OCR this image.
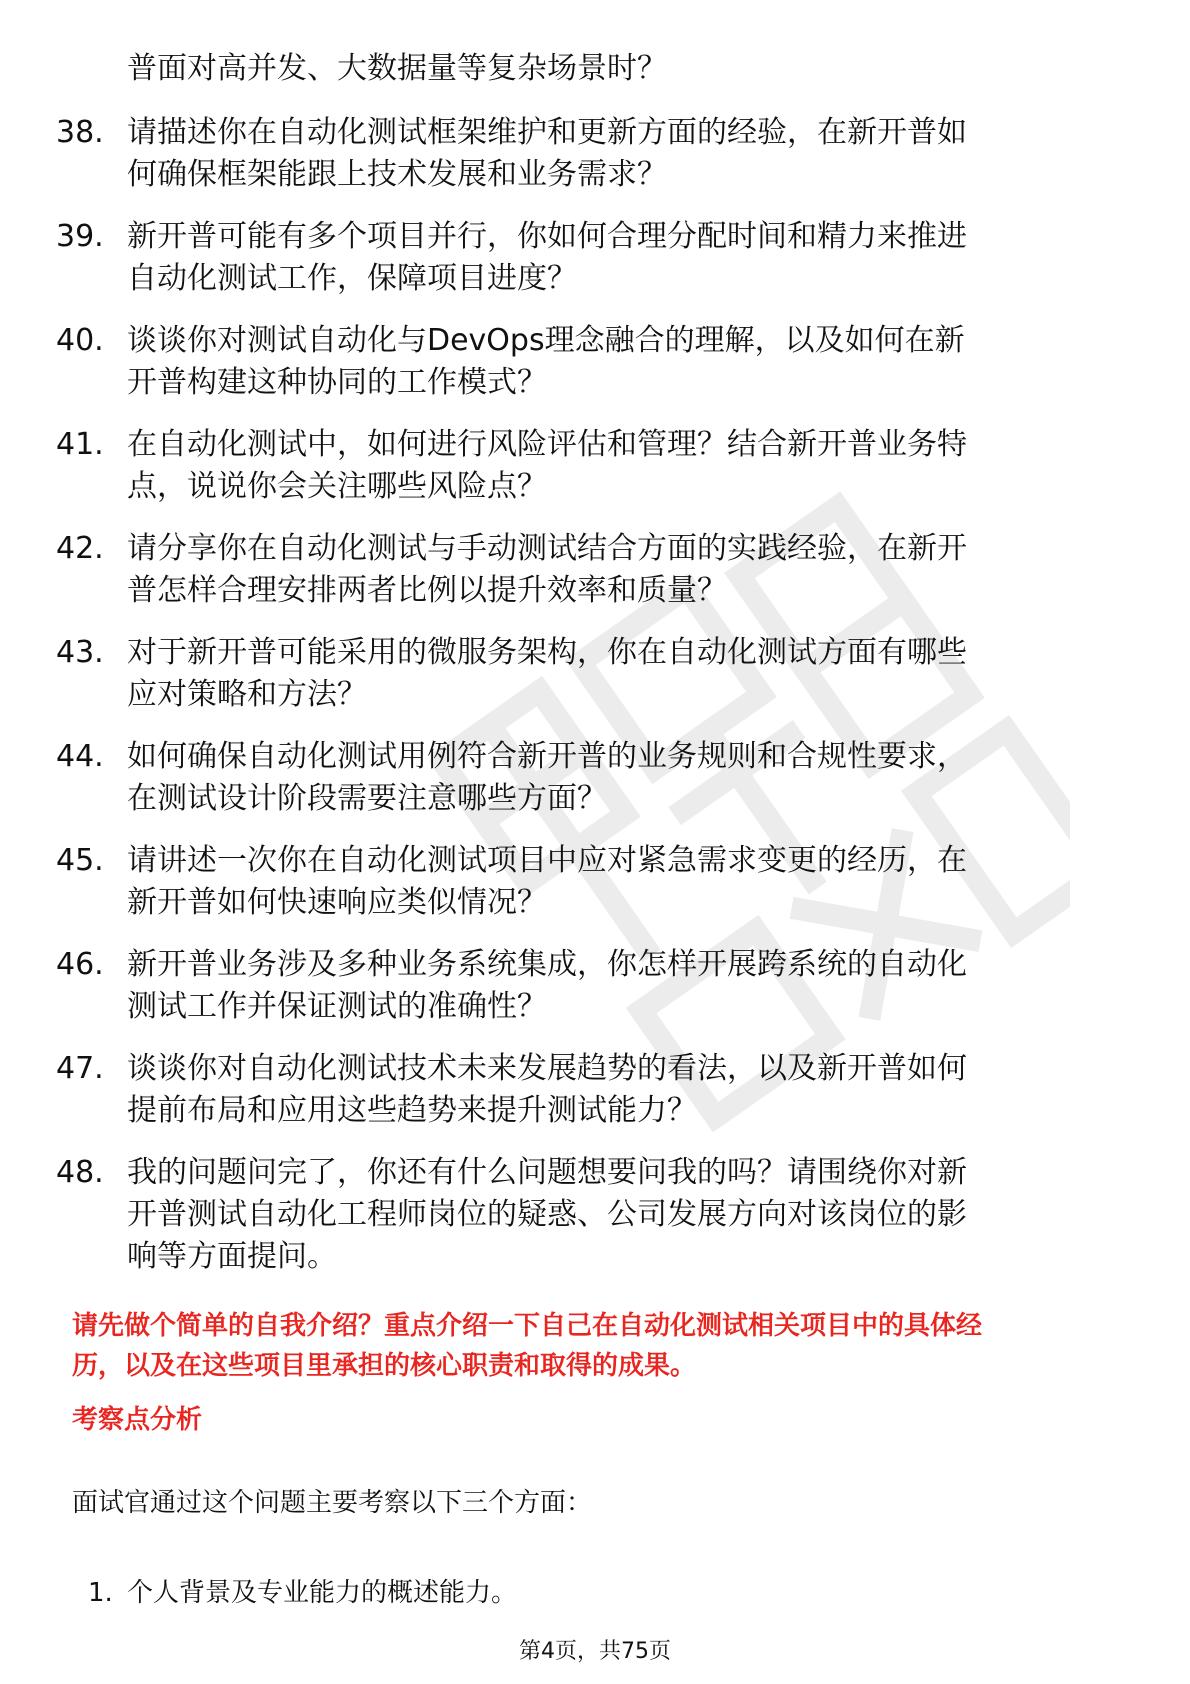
普面对高并发、大数据量等复杂场景时？
38. 请描述你在自动化测试框架维护和更新方面的经验，在新开普如
何确保框架能跟上技术发展和业务需求？
39. 新开普可能有多个项目并行，你如何合理分配时间和精力来推进
自动化测试工作，保障项目进度？
40. 谈谈你对测试自动化与DevOps理念融合的理解，以及如何在新
开普构建这种协同的工作模式？
41. 在自动化测试中，如何进行风险评估和管理？结合新开普业务特
点，说说你会关注哪些风险点？
42. 请分享你在自动化测试与手动测试结合方面的实践经验，在新开
普怎样合理安排两者比例以提升效率和质量？
43. 对于新开普可能采用的微服务架构，你在自动化测试方面有哪些
应对策略和方法？
44. 如何确保自动化测试用例符合新开普的业务规则和合规性要求，
在测试设计阶段需要注意哪些方面？
45. 请讲述一次你在自动化测试项目中应对紧急需求变更的经历，在
新开普如何快速响应类似情况？
46. 新开普业务涉及多种业务系统集成，你怎样开展跨系统的自动化
测试工作并保证测试的准确性？
47. 谈谈你对自动化测试技术未来发展趋势的看法，以及新开普如何
提前布局和应用这些趋势来提升测试能力？
48. 我的问题问完了，你还有什么问题想要问我的吗？请围绕你对新
开普测试自动化工程师岗位的疑惑、公司发展方向对该岗位的影
响等方面提问。
请先做个简单的自我介绍？重点介绍一下自己在自动化测试相关项目中的具体经
历，以及在这些项目里承担的核心职责和取得的成果。
考察点分析
面试官通过这个问题主要考察以下三个方面：
1. 个人背景及专业能力的概述能力。
第4页，共75页
